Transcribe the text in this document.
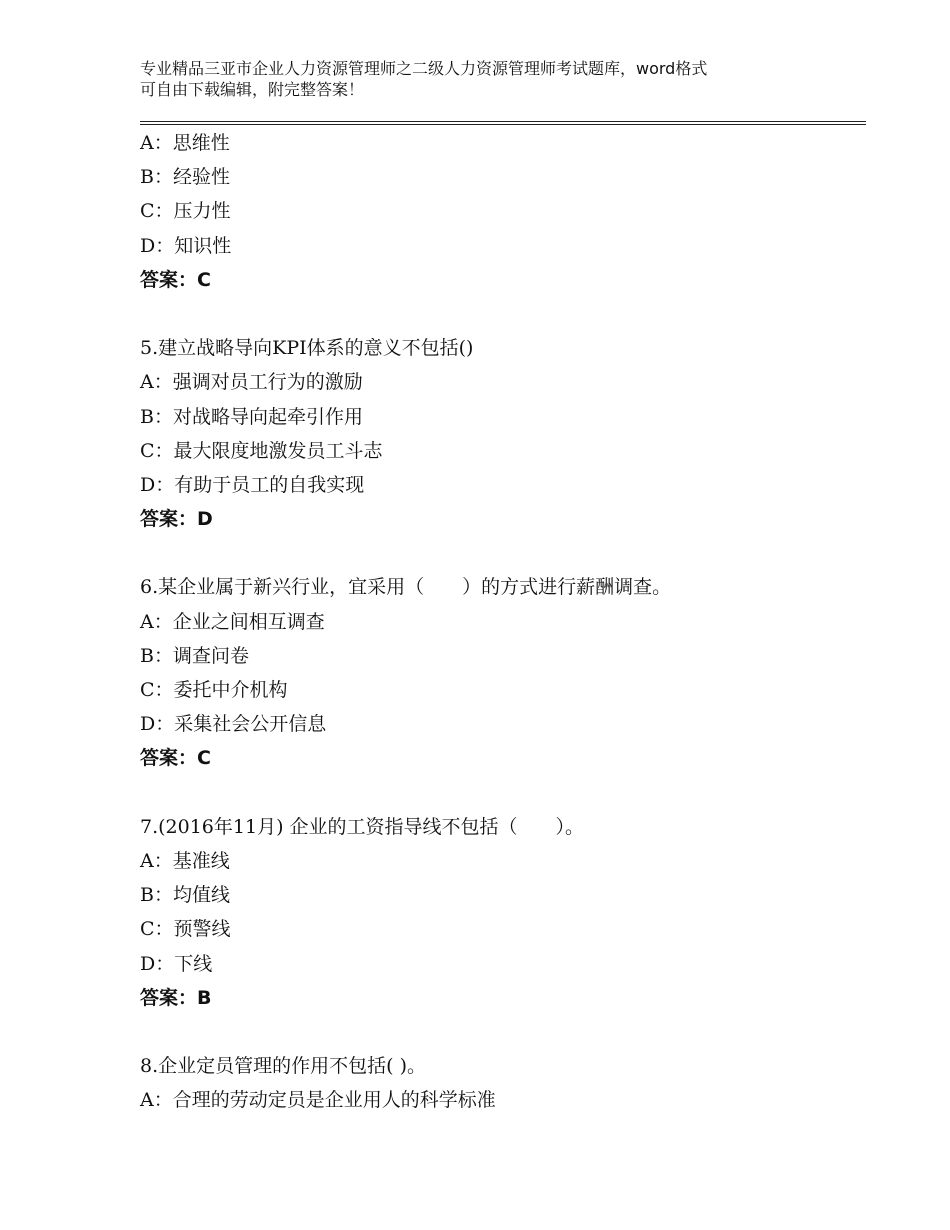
专业精品三亚市企业人力资源管理师之二级人力资源管理师考试题库，word格式
可自由下载编辑，附完整答案！
A：思维性
B：经验性
C：压力性
D：知识性
答案：C
5.建立战略导向KPI体系的意义不包括()
A：强调对员工行为的激励
B：对战略导向起牵引作用
C：最大限度地激发员工斗志
D：有助于员工的自我实现
答案：D
6.某企业属于新兴行业，宜采用（　　）的方式进行薪酬调查。
A：企业之间相互调查
B：调查问卷
C：委托中介机构
D：采集社会公开信息
答案：C
7.(2016年11月) 企业的工资指导线不包括（　　）。
A：基准线
B：均值线
C：预警线
D：下线
答案：B
8.企业定员管理的作用不包括( )。
A：合理的劳动定员是企业用人的科学标准
